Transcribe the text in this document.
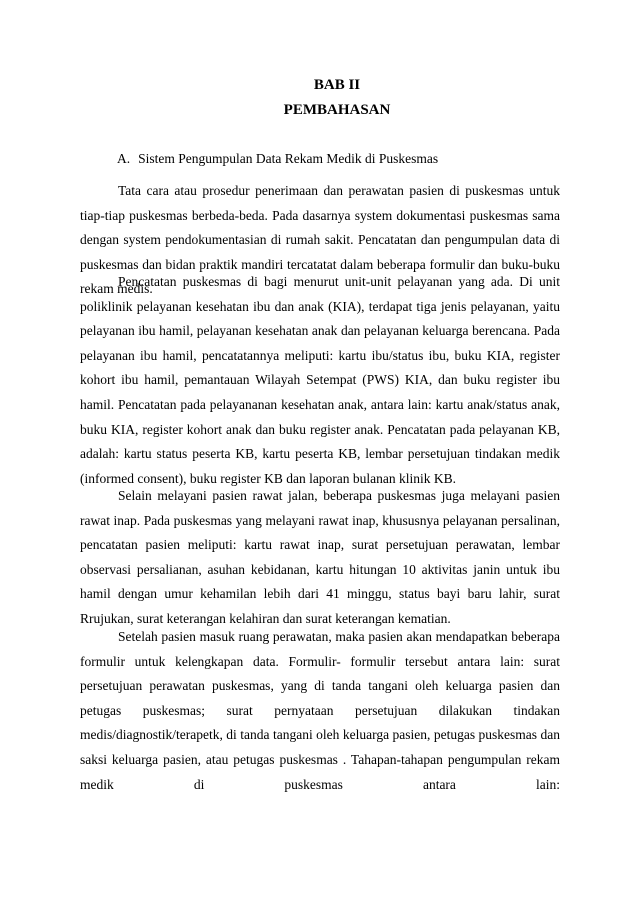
BAB II
PEMBAHASAN
A. Sistem Pengumpulan Data Rekam Medik di Puskesmas

Tata cara atau prosedur penerimaan dan perawatan pasien di puskesmas untuk tiap-tiap puskesmas berbeda-beda. Pada dasarnya system dokumentasi puskesmas sama dengan system pendokumentasian di rumah sakit. Pencatatan dan pengumpulan data di puskesmas dan bidan praktik mandiri tercatatat dalam beberapa formulir dan buku-buku rekam medis.

Pencatatan puskesmas di bagi menurut unit-unit pelayanan yang ada. Di unit poliklinik pelayanan kesehatan ibu dan anak (KIA), terdapat tiga jenis pelayanan, yaitu pelayanan ibu hamil, pelayanan kesehatan anak dan pelayanan keluarga berencana. Pada pelayanan ibu hamil, pencatatannya meliputi: kartu ibu/status ibu, buku KIA, register kohort ibu hamil, pemantauan Wilayah Setempat (PWS) KIA, dan buku register ibu hamil. Pencatatan pada pelayananan kesehatan anak, antara lain: kartu anak/status anak, buku KIA, register kohort anak dan buku register anak. Pencatatan pada pelayanan KB, adalah: kartu status peserta KB, kartu peserta KB, lembar persetujuan tindakan medik (informed consent), buku register KB dan laporan bulanan klinik KB.

Selain melayani pasien rawat jalan, beberapa puskesmas juga melayani pasien rawat inap. Pada puskesmas yang melayani rawat inap, khususnya pelayanan persalinan, pencatatan pasien meliputi: kartu rawat inap, surat persetujuan perawatan, lembar observasi persalianan, asuhan kebidanan, kartu hitungan 10 aktivitas janin untuk ibu hamil dengan umur kehamilan lebih dari 41 minggu, status bayi baru lahir, surat Rrujukan, surat keterangan kelahiran dan surat keterangan kematian.

Setelah pasien masuk ruang perawatan, maka pasien akan mendapatkan beberapa formulir untuk kelengkapan data. Formulir- formulir tersebut antara lain: surat persetujuan perawatan puskesmas, yang di tanda tangani oleh keluarga pasien dan petugas puskesmas; surat pernyataan persetujuan dilakukan tindakan medis/diagnostik/terapetk, di tanda tangani oleh keluarga pasien, petugas puskesmas dan saksi keluarga pasien, atau petugas puskesmas . Tahapan-tahapan pengumpulan rekam medik di puskesmas antara lain:
